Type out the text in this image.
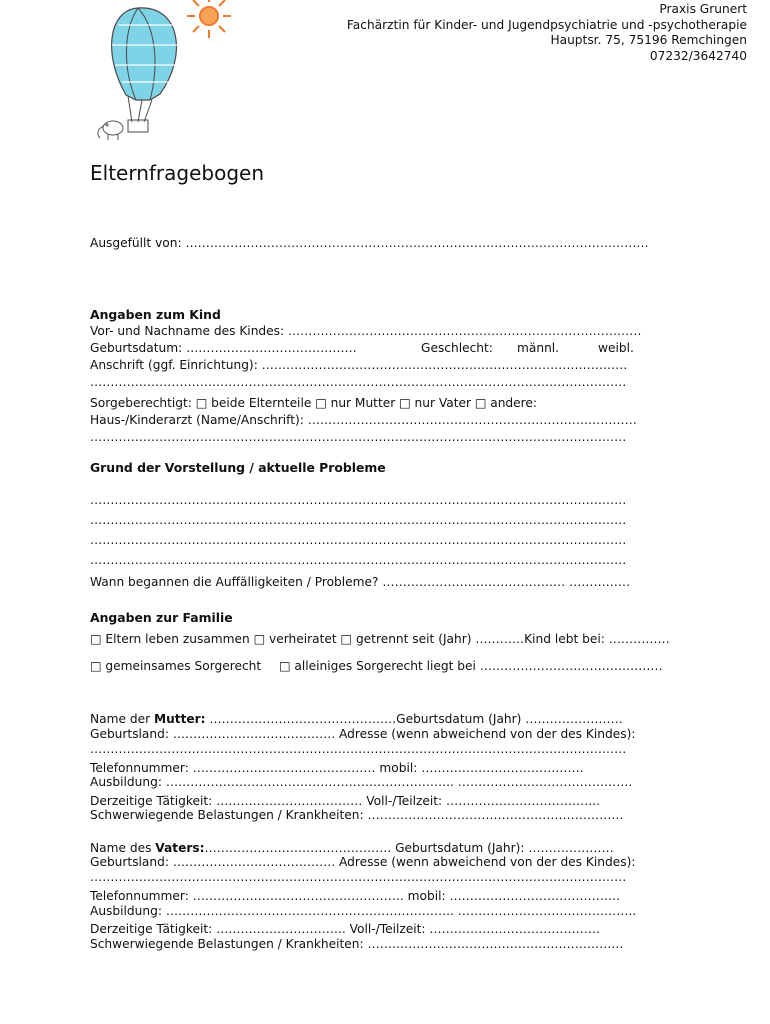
Praxis Grunert
Fachärztin für Kinder- und Jugendpsychiatrie und -psychotherapie
Hauptsr. 75, 75196 Remchingen
07232/3642740
Elternfragebogen
Ausgefüllt von: ……………………………………………………………………………………………………
Angaben zum Kind
Vor- und Nachname des Kindes: ……………………………………………………………………………
Geburtsdatum: ……………………………………	Geschlecht: männl.	weibl.
Anschrift (ggf. Einrichtung): ………………………………………………………………………………
……………………………………………………………………………………………………………………
Sorgeberechtigt: □ beide Elternteile □ nur Mutter □ nur Vater □ andere:
Haus-/Kinderarzt (Name/Anschrift): ………………………………………………………………………
……………………………………………………………………………………………………………………
Grund der Vorstellung / aktuelle Probleme
……………………………………………………………………………………………………………………
……………………………………………………………………………………………………………………
……………………………………………………………………………………………………………………
……………………………………………………………………………………………………………………
Wann begannen die Auffälligkeiten / Probleme? ……………………………………… ……………
Angaben zur Familie
□ Eltern leben zusammen □ verheiratet □ getrennt seit (Jahr) …………Kind lebt bei: ……………
□ gemeinsames Sorgerecht □ alleiniges Sorgerecht liegt bei ………………………………………
Name der Mutter: ……………………………………….Geburtsdatum (Jahr) ……………………
Geburtsland: …………………………………. Adresse (wenn abweichend von der des Kindes):
……………………………………………………………………………………………………………………
Telefonnummer: ……………………………………… mobil: ………………………………….
Ausbildung: …………………………………………………………….. …………………………………….
Derzeitige Tätigkeit: ……………………………… Voll-/Teilzeit: ………………………………..
Schwerwiegende Belastungen / Krankheiten: ………………………………………………………
Name des Vaters:………………………………………. Geburtsdatum (Jahr): …………………
Geburtsland: …………………………………. Adresse (wenn abweichend von der des Kindes):
……………………………………………………………………………………………………………………
Telefonnummer: ……………………………………………. mobil: ……………………………………
Ausbildung: …………………………………………………………….. ……………………………………..
Derzeitige Tätigkeit: ………………………….. Voll-/Teilzeit: ……………………………………
Schwerwiegende Belastungen / Krankheiten: ………………………………………………………
